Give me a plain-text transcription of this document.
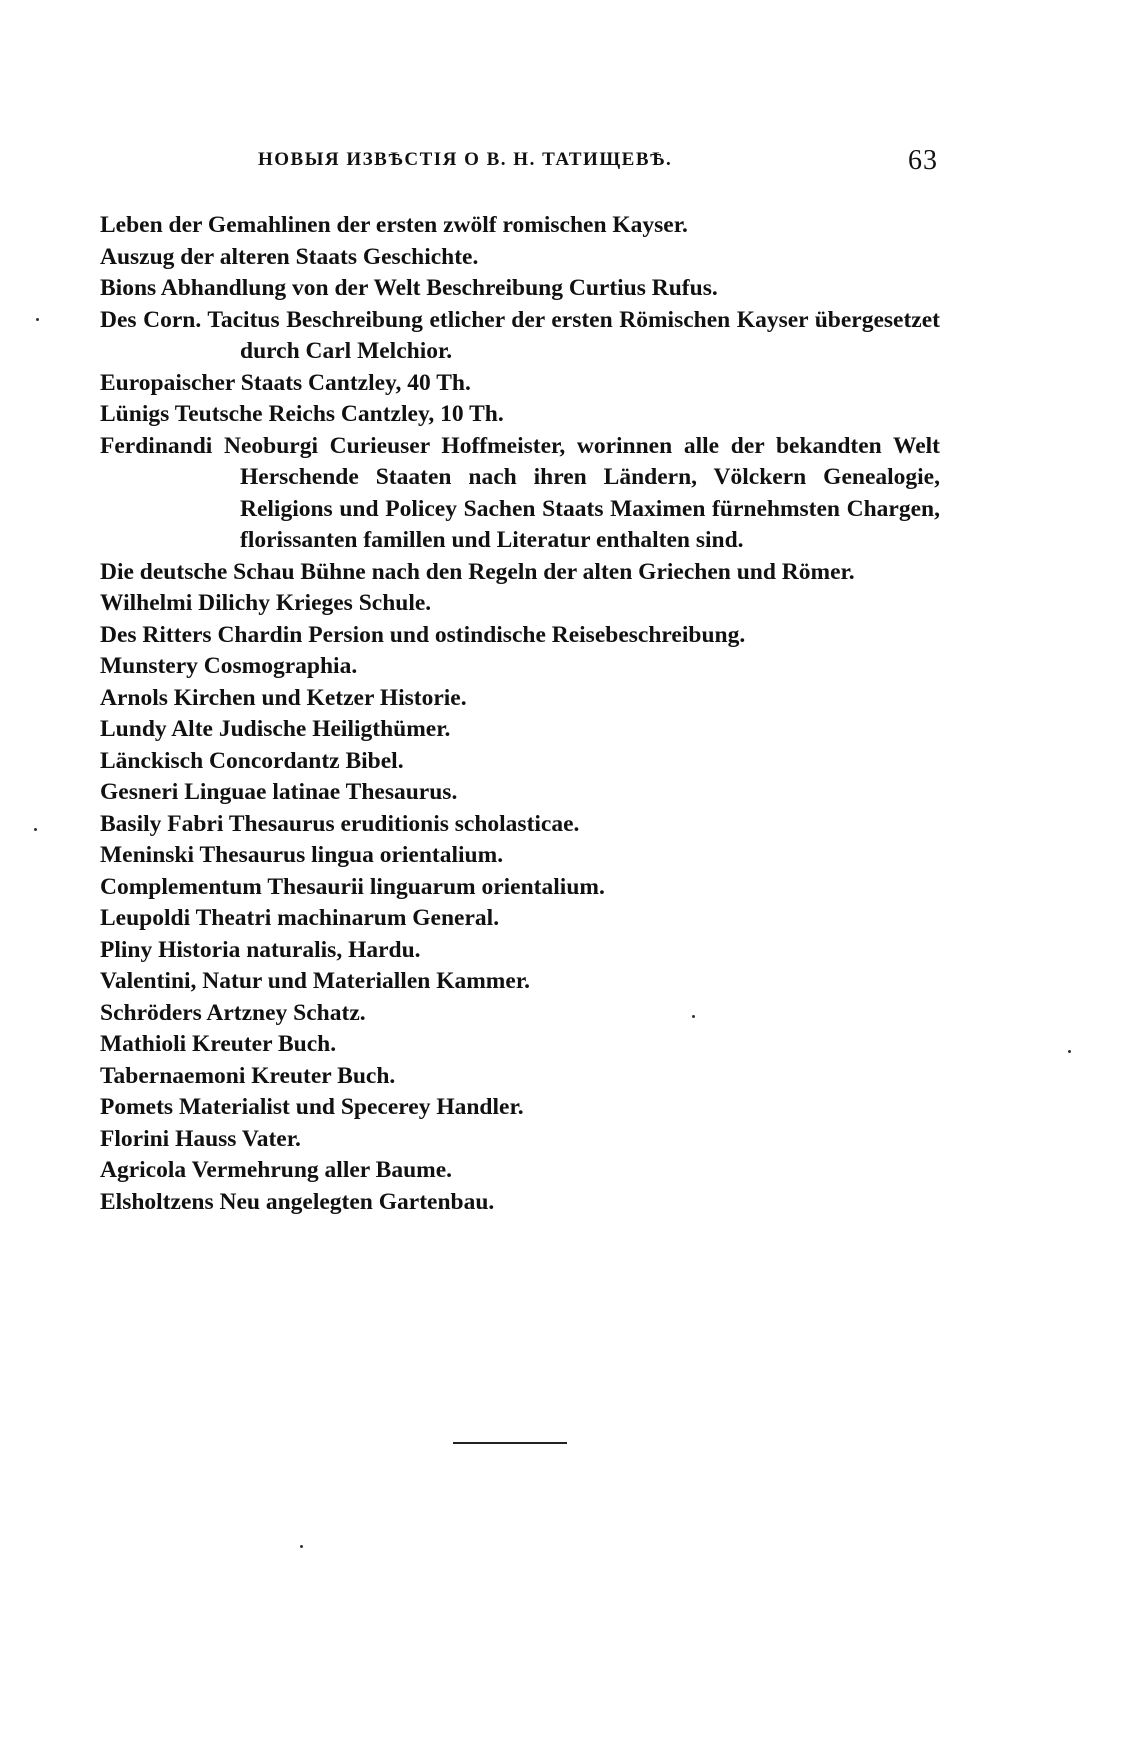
НОВЫЯ ИЗВѢСТІЯ О В. Н. ТАТИЩЕВѢ.	63
Leben der Gemahlinen der ersten zwölf romischen Kayser.
Auszug der alteren Staats Geschichte.
Bions Abhandlung von der Welt Beschreibung Curtius Rufus.
Des Corn. Tacitus Beschreibung etlicher der ersten Römischen Kayser übergesetzet durch Carl Melchior.
Europaischer Staats Cantzley, 40 Th.
Lünigs Teutsche Reichs Cantzley, 10 Th.
Ferdinandi Neoburgi Curieuser Hoffmeister, worinnen alle der bekandten Welt Herschende Staaten nach ihren Ländern, Völckern Genealogie, Religions und Policey Sachen Staats Maximen fürnehmsten Chargen, florissanten famillen und Literatur enthalten sind.
Die deutsche Schau Bühne nach den Regeln der alten Griechen und Römer.
Wilhelmi Dilichy Krieges Schule.
Des Ritters Chardin Persion und ostindische Reisebeschreibung.
Munstery Cosmographia.
Arnols Kirchen und Ketzer Historie.
Lundy Alte Judische Heiligthümer.
Länckisch Concordantz Bibel.
Gesneri Linguae latinae Thesaurus.
Basily Fabri Thesaurus eruditionis scholasticae.
Meninski Thesaurus lingua orientalium.
Complementum Thesaurii linguarum orientalium.
Leupoldi Theatri machinarum General.
Pliny Historia naturalis, Hardu.
Valentini, Natur und Materiallen Kammer.
Schröders Artzney Schatz.
Mathioli Kreuter Buch.
Tabernaemoni Kreuter Buch.
Pomets Materialist und Specerey Handler.
Florini Hauss Vater.
Agricola Vermehrung aller Baume.
Elsholtzens Neu angelegten Gartenbau.
